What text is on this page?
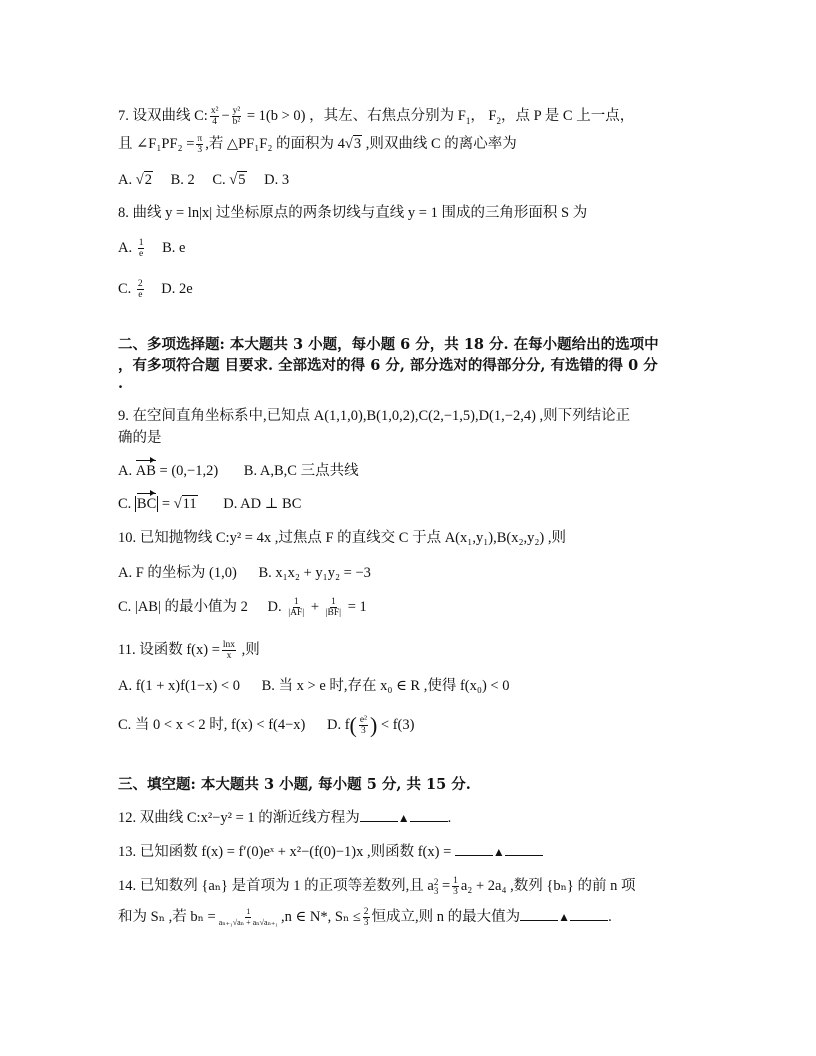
7. 设双曲线 C: $\frac{\text{x²}}{4} - \frac{\text{y²}}{\text{b²}} = 1(b > 0)$ ，其左、右焦点分别为 $F_1$， $F_2$，点 P 是 C 上一点，
且 ∠F₁PF₂ = $\frac{\pi}{3}$ ,若 △PF₁F₂ 的面积为 4√3 ,则双曲线 C 的离心率为
A. √2 B. 2 C. √5 D. 3
8. 曲线 y = ln|x| 过坐标原点的两条切线与直线 y = 1 围成的三角形面积 S 为
A. $\frac{1}{e} B$. e
C. $\frac{2}{e} D$. 2e
二、多项选择题: 本大题共 3 小题，每小题 6 分，共 18 分. 在每小题给出的选项中
，有多项符合题 目要求. 全部选对的得 6 分, 部分选对的得部分分, 有选错的得 0 分
.
9. 在空间直角坐标系中,已知点 A(1,1,0),B(1,0,2),C(2,−1,5),D(1,−2,4) ,则下列结论正
确的是
A. AB = (0,−1,2) B. A,B,C 三点共线
C. BC = √11 D. AD ⊥ BC
10. 已知抛物线 C:y² = 4x ,过焦点 F 的直线交 C 于点 A(x₁,y₁),B(x₂,y₂) ,则
A. F 的坐标为 (1,0) B. x₁x₂ + y₁y₂ = −3
C. |AB| 的最小值为 2 D. $\frac{1}{|AF|} + \frac{1}{|BF|} = 1$
11. 设函数 $f(x) = \frac{\ln x}{x}$ ,则
A. f(1 + x)f(1−x) < 0 B. 当 x > e 时,存在 x₀ ∈ R ,使得 f(x₀) < 0
C. 当 0 < x < 2 时, f(x) < f(4−x) D. $f( \frac{\text{e²}}{3}$ ) < f(3)
三、填空题: 本大题共 3 小题, 每小题 5 分, 共 15 分.
12. 双曲线 C:x²−y² = 1 的渐近线方程为	▲	.
13. 已知函数 f(x) = f′(0)eˣ + x²−(f(0)−1)x ,则函数 f(x) =	▲
14. 已知数列 {aₙ} 是首项为 1 的正项等差数列,且 a 2
$3 = \frac{1}{3} a_2 + 2a_4$ ,数列 {bₙ} 的前 n 项
和为 Sₙ ,若 $b_n = \frac{1}{\text{aₙ₊₁√aₙ + aₙ√aₙ₊₁}} ,n$ ∈ N*, $S_n \le \frac{2}{3}$ 恒成立,则 n 的最大值为	▲	.
